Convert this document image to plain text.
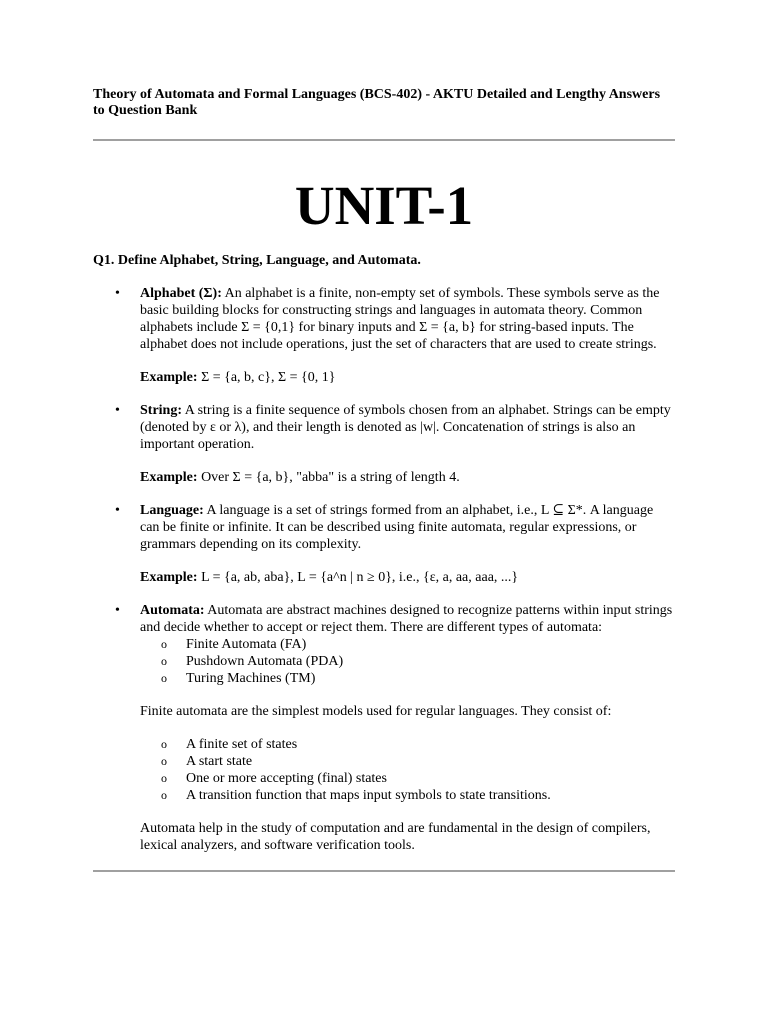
Theory of Automata and Formal Languages (BCS-402) - AKTU Detailed and Lengthy Answers to Question Bank

UNIT-1

Q1. Define Alphabet, String, Language, and Automata.

• Alphabet (Σ): An alphabet is a finite, non-empty set of symbols. These symbols serve as the basic building blocks for constructing strings and languages in automata theory. Common alphabets include Σ = {0,1} for binary inputs and Σ = {a, b} for string-based inputs. The alphabet does not include operations, just the set of characters that are used to create strings.
Example: Σ = {a, b, c}, Σ = {0, 1}
• String: A string is a finite sequence of symbols chosen from an alphabet. Strings can be empty (denoted by ε or λ), and their length is denoted as |w|. Concatenation of strings is also an important operation.
Example: Over Σ = {a, b}, "abba" is a string of length 4.
• Language: A language is a set of strings formed from an alphabet, i.e., L ⊆ Σ*. A language can be finite or infinite. It can be described using finite automata, regular expressions, or grammars depending on its complexity.
Example: L = {a, ab, aba}, L = {a^n | n ≥ 0}, i.e., {ε, a, aa, aaa, ...}
• Automata: Automata are abstract machines designed to recognize patterns within input strings and decide whether to accept or reject them. There are different types of automata:
o Finite Automata (FA)
o Pushdown Automata (PDA)
o Turing Machines (TM)
Finite automata are the simplest models used for regular languages. They consist of:
o A finite set of states
o A start state
o One or more accepting (final) states
o A transition function that maps input symbols to state transitions.
Automata help in the study of computation and are fundamental in the design of compilers, lexical analyzers, and software verification tools.
